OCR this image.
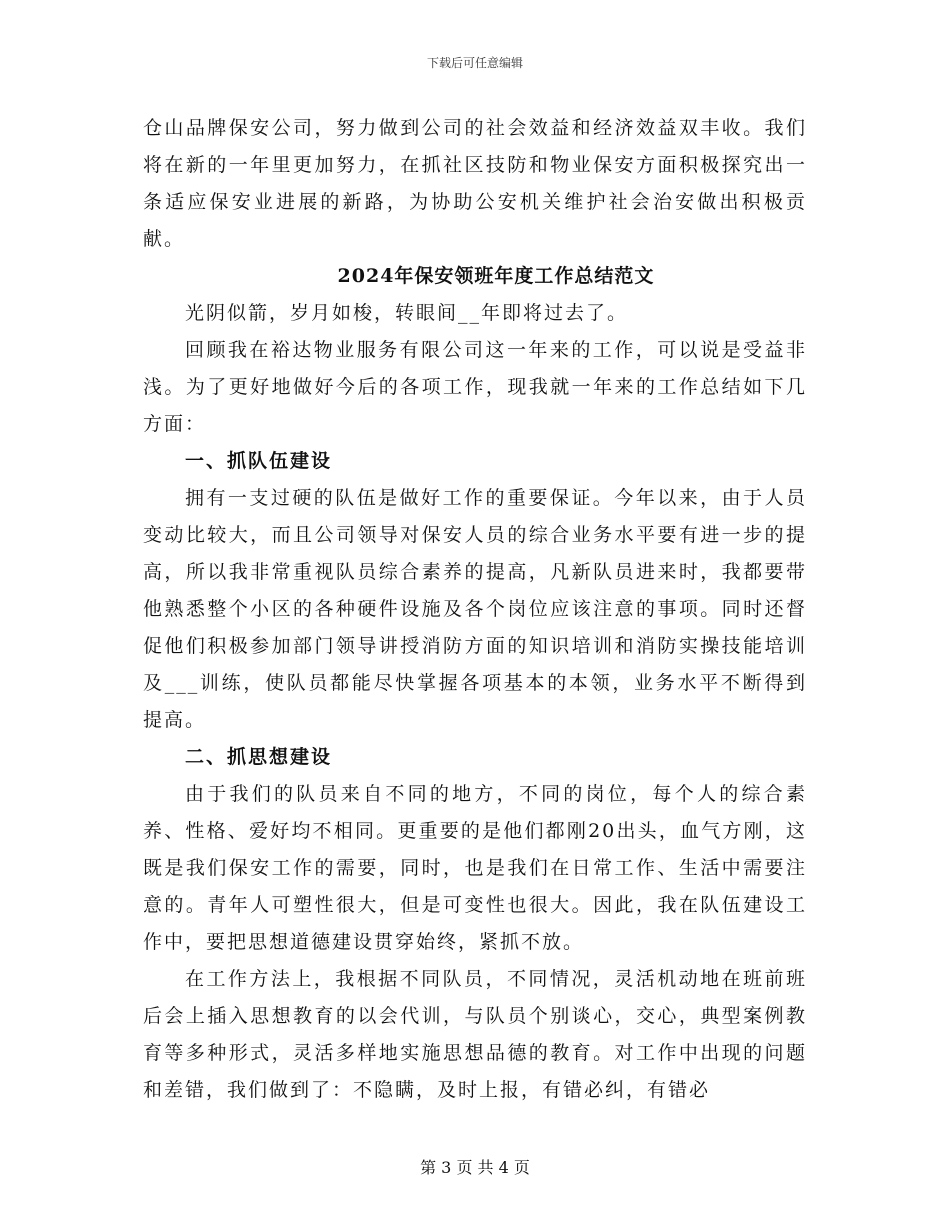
下载后可任意编辑

仓山品牌保安公司，努力做到公司的社会效益和经济效益双丰收。我们将在新的一年里更加努力，在抓社区技防和物业保安方面积极探究出一条适应保安业进展的新路，为协助公安机关维护社会治安做出积极贡献。

2024年保安领班年度工作总结范文

光阴似箭，岁月如梭，转眼间__年即将过去了。

回顾我在裕达物业服务有限公司这一年来的工作，可以说是受益非浅。为了更好地做好今后的各项工作，现我就一年来的工作总结如下几方面：

一、抓队伍建设

拥有一支过硬的队伍是做好工作的重要保证。今年以来，由于人员变动比较大，而且公司领导对保安人员的综合业务水平要有进一步的提高，所以我非常重视队员综合素养的提高，凡新队员进来时，我都要带他熟悉整个小区的各种硬件设施及各个岗位应该注意的事项。同时还督促他们积极参加部门领导讲授消防方面的知识培训和消防实操技能培训及___训练，使队员都能尽快掌握各项基本的本领，业务水平不断得到提高。

二、抓思想建设

由于我们的队员来自不同的地方，不同的岗位，每个人的综合素养、性格、爱好均不相同。更重要的是他们都刚20出头，血气方刚，这既是我们保安工作的需要，同时，也是我们在日常工作、生活中需要注意的。青年人可塑性很大，但是可变性也很大。因此，我在队伍建设工作中，要把思想道德建设贯穿始终，紧抓不放。

在工作方法上，我根据不同队员，不同情况，灵活机动地在班前班后会上插入思想教育的以会代训，与队员个别谈心，交心，典型案例教育等多种形式，灵活多样地实施思想品德的教育。对工作中出现的问题和差错，我们做到了：不隐瞒，及时上报，有错必纠，有错必

第 3 页 共 4 页
